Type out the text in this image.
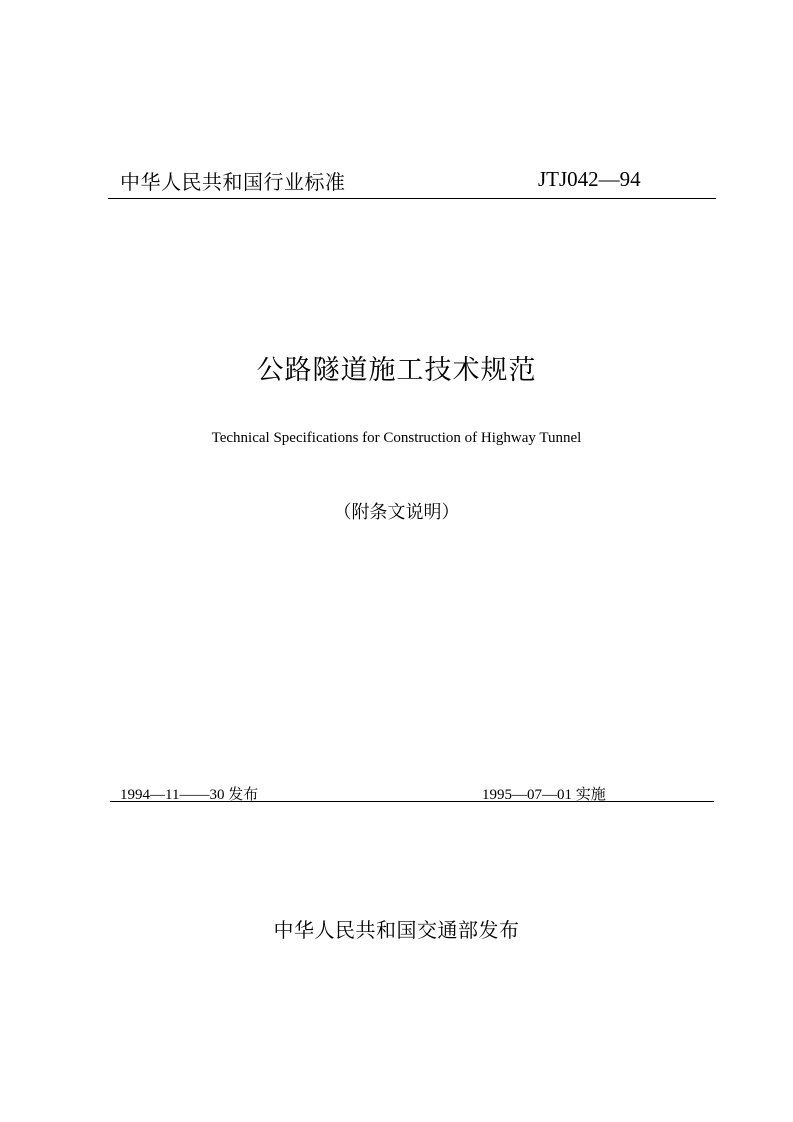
中华人民共和国行业标准	JTJ042—94
公路隧道施工技术规范
Technical Specifications for Construction of Highway Tunnel
（附条文说明）
1994—11——30 发布	1995—07—01 实施
中华人民共和国交通部发布
